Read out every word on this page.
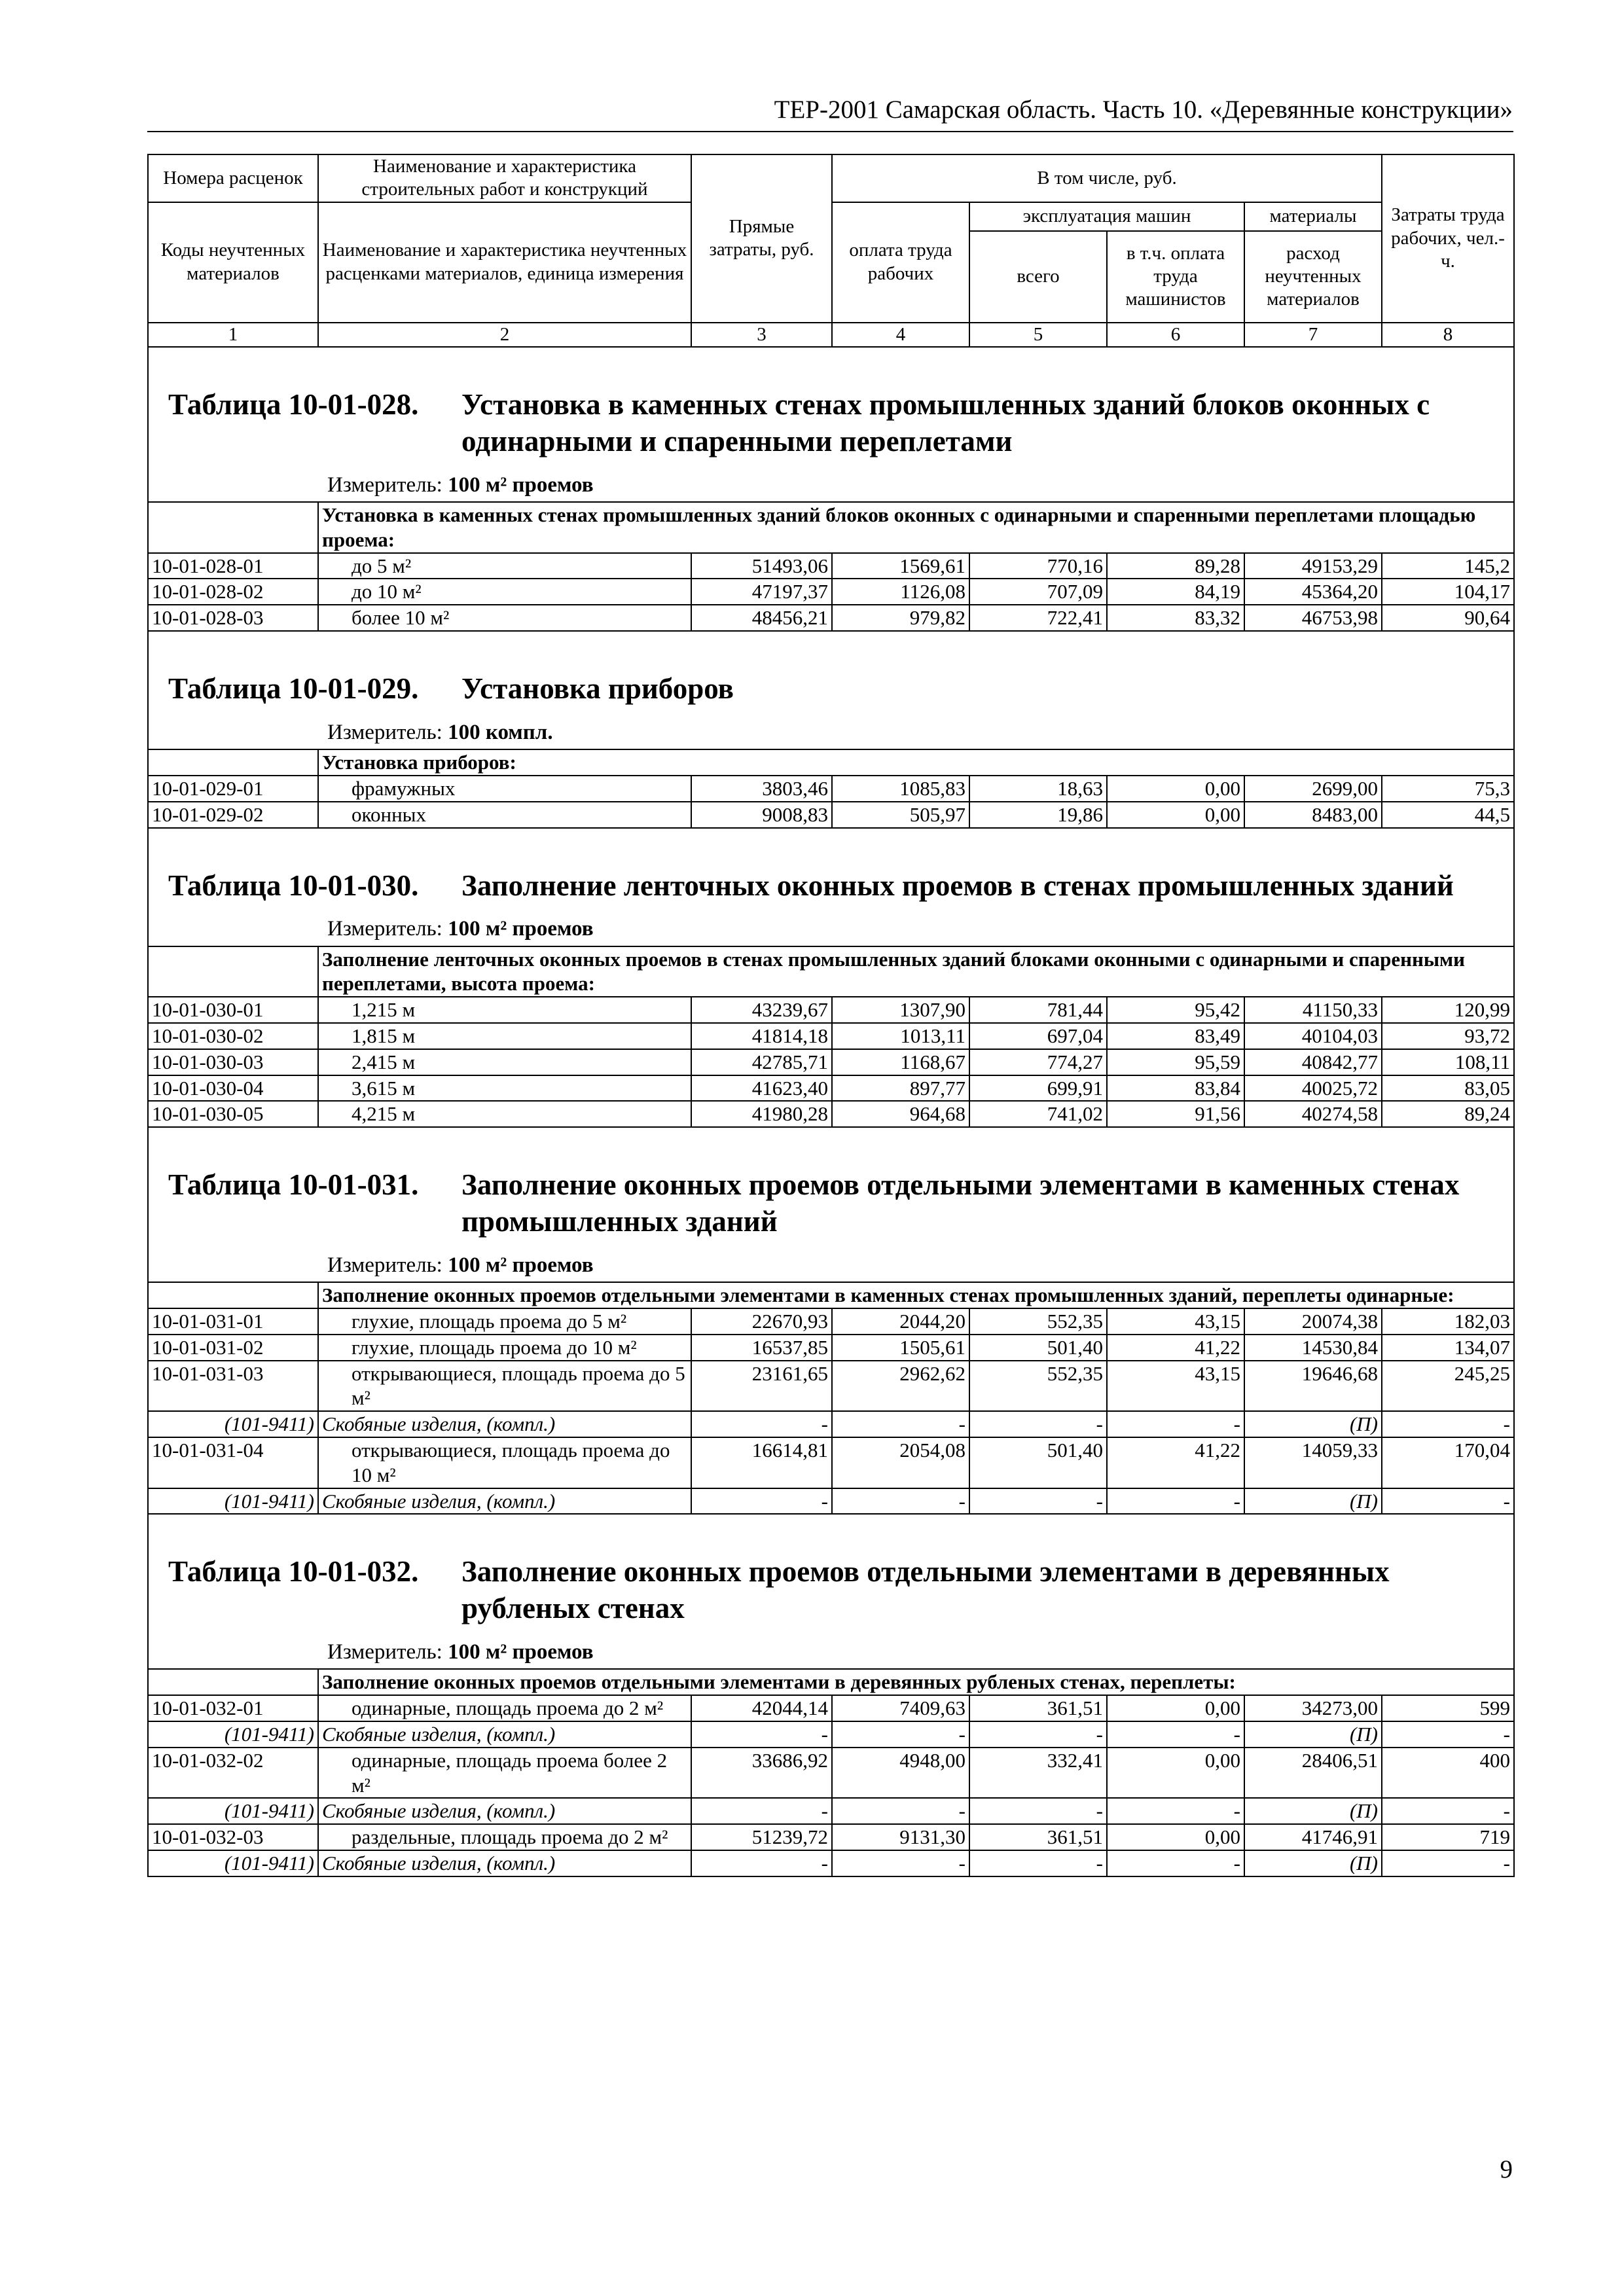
ТЕР-2001 Самарская область. Часть 10. «Деревянные конструкции»
Номера расценок	Наименование и характеристика строительных работ и конструкций	Прямые затраты, руб.	В том числе, руб.				Затраты труда рабочих, чел.-ч.
Коды неучтенных материалов	Наименование и характеристика неучтенных расценками материалов, единица измерения		оплата труда рабочих	эксплуатация машин		материалы	
				всего	в т.ч. оплата труда машинистов	расход неучтенных материалов	

1	2	3	4	5	6	7	8

Таблица 10-01-028. Установка в каменных стенах промышленных зданий блоков оконных с одинарными и спаренными переплетами
Измеритель: 100 м² проемов							

	Установка в каменных стенах промышленных зданий блоков оконных с одинарными и спаренными переплетами площадью проема:						
10-01-028-01	до 5 м²	51493,06	1569,61	770,16	89,28	49153,29	145,2
10-01-028-02	до 10 м²	47197,37	1126,08	707,09	84,19	45364,20	104,17
10-01-028-03	более 10 м²	48456,21	979,82	722,41	83,32	46753,98	90,64

Таблица 10-01-029. Установка приборов
Измеритель: 100 компл.							

	Установка приборов:						
10-01-029-01	фрамужных	3803,46	1085,83	18,63	0,00	2699,00	75,3
10-01-029-02	оконных	9008,83	505,97	19,86	0,00	8483,00	44,5

Таблица 10-01-030. Заполнение ленточных оконных проемов в стенах промышленных зданий
Измеритель: 100 м² проемов							

	Заполнение ленточных оконных проемов в стенах промышленных зданий блоками оконными с одинарными и спаренными переплетами, высота проема:						
10-01-030-01	1,215 м	43239,67	1307,90	781,44	95,42	41150,33	120,99
10-01-030-02	1,815 м	41814,18	1013,11	697,04	83,49	40104,03	93,72
10-01-030-03	2,415 м	42785,71	1168,67	774,27	95,59	40842,77	108,11
10-01-030-04	3,615 м	41623,40	897,77	699,91	83,84	40025,72	83,05
10-01-030-05	4,215 м	41980,28	964,68	741,02	91,56	40274,58	89,24

Таблица 10-01-031. Заполнение оконных проемов отдельными элементами в каменных стенах промышленных зданий
Измеритель: 100 м² проемов							

	Заполнение оконных проемов отдельными элементами в каменных стенах промышленных зданий, переплеты одинарные:						
10-01-031-01	глухие, площадь проема до 5 м²	22670,93	2044,20	552,35	43,15	20074,38	182,03
10-01-031-02	глухие, площадь проема до 10 м²	16537,85	1505,61	501,40	41,22	14530,84	134,07
10-01-031-03	открывающиеся, площадь проема до 5 м²	23161,65	2962,62	552,35	43,15	19646,68	245,25
(101-9411)	Скобяные изделия, (компл.)	-	-	-	-	(П)	-
10-01-031-04	открывающиеся, площадь проема до 10 м²	16614,81	2054,08	501,40	41,22	14059,33	170,04
(101-9411)	Скобяные изделия, (компл.)	-	-	-	-	(П)	-

Таблица 10-01-032. Заполнение оконных проемов отдельными элементами в деревянных рубленых стенах
Измеритель: 100 м² проемов							

	Заполнение оконных проемов отдельными элементами в деревянных рубленых стенах, переплеты:						
10-01-032-01	одинарные, площадь проема до 2 м²	42044,14	7409,63	361,51	0,00	34273,00	599
(101-9411)	Скобяные изделия, (компл.)	-	-	-	-	(П)	-
10-01-032-02	одинарные, площадь проема более 2 м²	33686,92	4948,00	332,41	0,00	28406,51	400
(101-9411)	Скобяные изделия, (компл.)	-	-	-	-	(П)	-
10-01-032-03	раздельные, площадь проема до 2 м²	51239,72	9131,30	361,51	0,00	41746,91	719
(101-9411)	Скобяные изделия, (компл.)	-	-	-	-	(П)	-
9
